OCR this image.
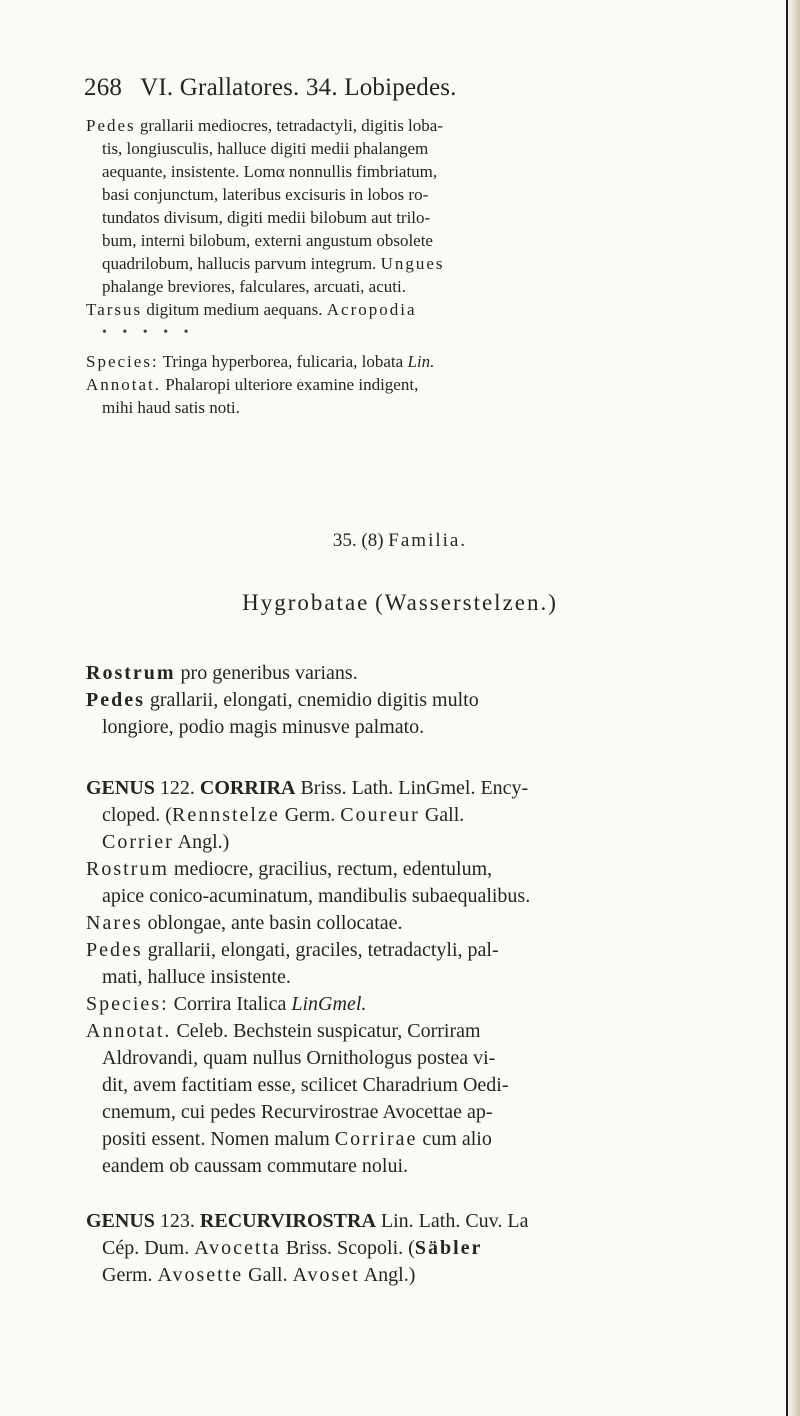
268 VI. Grallatores. 34. Lobipedes.
Pedes grallarii mediocres, tetradactyli, digitis loba-
tis, longiusculis, halluce digiti medii phalangem
aequante, insistente. Lomα nonnullis fimbriatum,
basi conjunctum, lateribus excisuris in lobos ro-
tundatos divisum, digiti medii bilobum aut trilo-
bum, interni bilobum, externi angustum obsolete
quadrilobum, hallucis parvum integrum. Ungues
phalange breviores, falculares, arcuati, acuti.
Tarsus digitum medium aequans. Acropodia
• • • • •
Species: Tringa hyperborea, fulicaria, lobata Lin.
Annotat. Phalaropi ulteriore examine indigent,
mihi haud satis noti.
35. (8) Familia.
Hygrobatae (Wasserstelzen.)
Rostrum pro generibus varians.
Pedes grallarii, elongati, cnemidio digitis multo
longiore, podio magis minusve palmato.
GENUS 122. CORRIRA Briss. Lath. LinGmel. Ency-
cloped. (Rennstelze Germ. Coureur Gall.
Corrier Angl.)
Rostrum mediocre, gracilius, rectum, edentulum,
apice conico-acuminatum, mandibulis subaequalibus.
Nares oblongae, ante basin collocatae.
Pedes grallarii, elongati, graciles, tetradactyli, pal-
mati, halluce insistente.
Species: Corrira Italica LinGmel.
Annotat. Celeb. Bechstein suspicatur, Corriram
Aldrovandi, quam nullus Ornithologus postea vi-
dit, avem factitiam esse, scilicet Charadrium Oedi-
cnemum, cui pedes Recurvirostrae Avocettae ap-
positi essent. Nomen malum Corrirae cum alio
eandem ob caussam commutare nolui.
GENUS 123. RECURVIROSTRA Lin. Lath. Cuv. La
Cép. Dum. Avocetta Briss. Scopoli. (Säbler
Germ. Avosette Gall. Avoset Angl.)
